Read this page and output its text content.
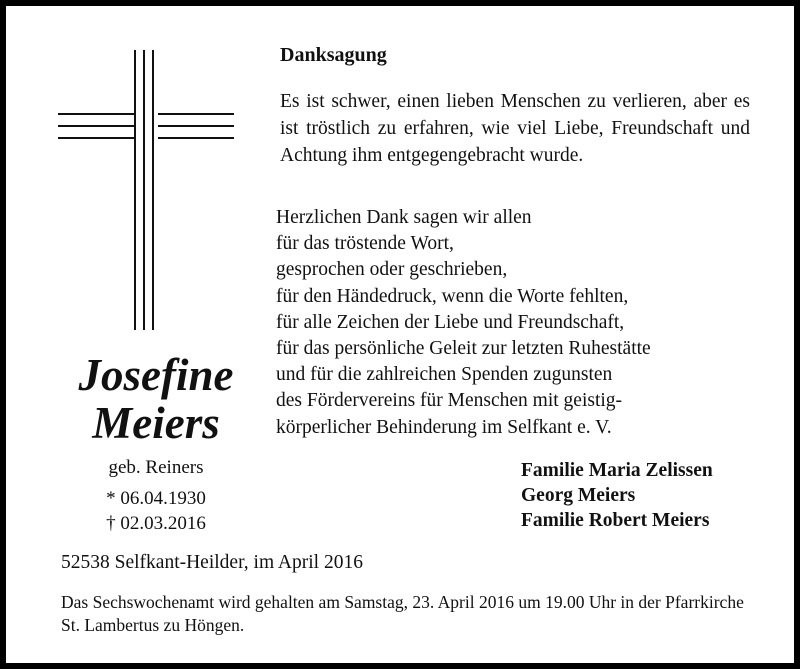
Josefine
Meiers
geb. Reiners
* 06.04.1930
† 02.03.2016
Danksagung

Es ist schwer, einen lieben Menschen zu verlieren, aber es ist tröstlich zu erfahren, wie viel Liebe, Freundschaft und Achtung ihm entgegengebracht wurde.

Herzlichen Dank sagen wir allen
für das tröstende Wort,
gesprochen oder geschrieben,
für den Händedruck, wenn die Worte fehlten,
für alle Zeichen der Liebe und Freundschaft,
für das persönliche Geleit zur letzten Ruhestätte
und für die zahlreichen Spenden zugunsten
des Fördervereins für Menschen mit geistig-
körperlicher Behinderung im Selfkant e. V.
Familie Maria Zelissen
Georg Meiers
Familie Robert Meiers
52538 Selfkant-Heilder, im April 2016

Das Sechswochenamt wird gehalten am Samstag, 23. April 2016 um 19.00 Uhr in der Pfarrkirche St. Lambertus zu Höngen.
